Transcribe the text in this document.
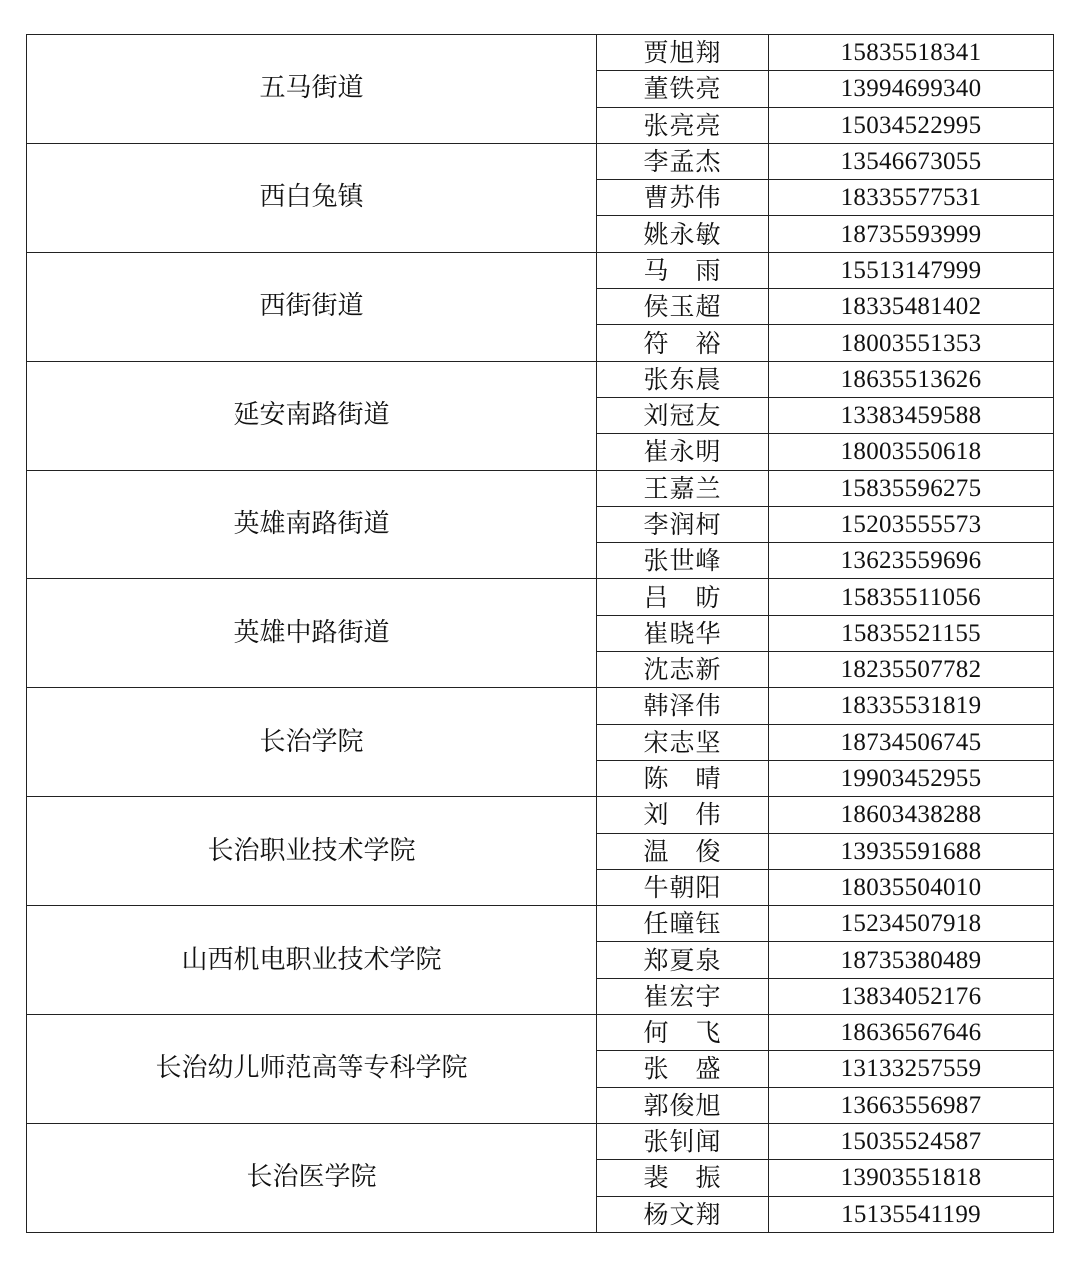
五马街道	贾旭翔	15835518341
	董铁亮	13994699340
	张亮亮	15034522995
西白兔镇	李孟杰	13546673055
	曹苏伟	18335577531
	姚永敏	18735593999
西街街道	马　雨	15513147999
	侯玉超	18335481402
	符　裕	18003551353
延安南路街道	张东晨	18635513626
	刘冠友	13383459588
	崔永明	18003550618
英雄南路街道	王嘉兰	15835596275
	李润柯	15203555573
	张世峰	13623559696
英雄中路街道	吕　昉	15835511056
	崔晓华	15835521155
	沈志新	18235507782
长治学院	韩泽伟	18335531819
	宋志坚	18734506745
	陈　晴	19903452955
长治职业技术学院	刘　伟	18603438288
	温　俊	13935591688
	牛朝阳	18035504010
山西机电职业技术学院	任曈钰	15234507918
	郑夏泉	18735380489
	崔宏宇	13834052176
长治幼儿师范高等专科学院	何　飞	18636567646
	张　盛	13133257559
	郭俊旭	13663556987
长治医学院	张钊闻	15035524587
	裴　振	13903551818
	杨文翔	15135541199
